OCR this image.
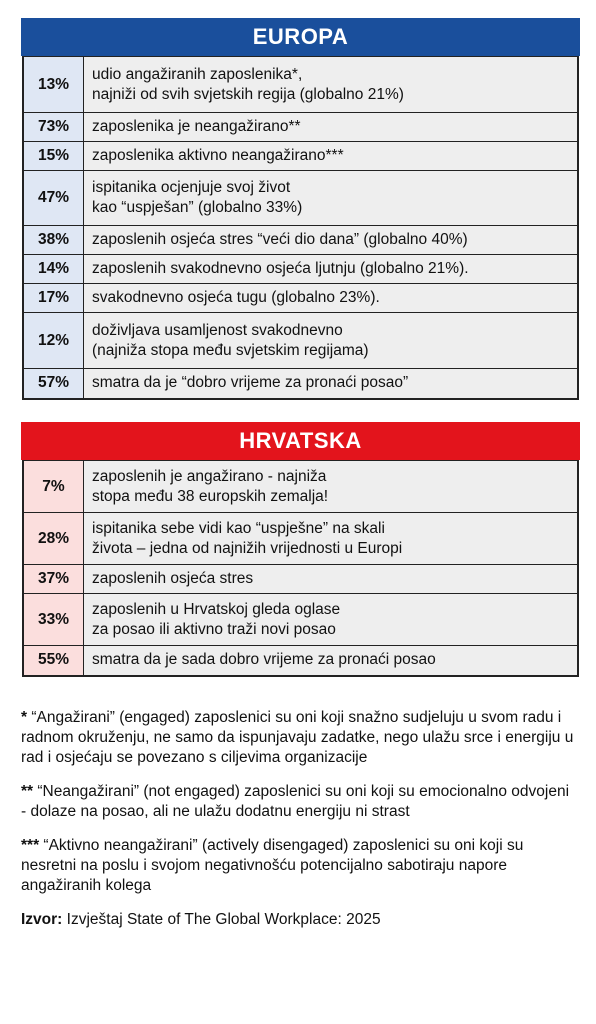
EUROPA
13%	udio angažiranih zaposlenika*,
najniži od svih svjetskih regija (globalno 21%)

73%	zaposlenika je neangažirano**

15%	zaposlenika aktivno neangažirano***

47%	ispitanika ocjenjuje svoj život
kao “uspješan” (globalno 33%)

38%	zaposlenih osjeća stres “veći dio dana” (globalno 40%)

14%	zaposlenih svakodnevno osjeća ljutnju (globalno 21%).

17%	svakodnevno osjeća tugu (globalno 23%).

12%	doživljava usamljenost svakodnevno
(najniža stopa među svjetskim regijama)

57%	smatra da je “dobro vrijeme za pronaći posao”
HRVATSKA
7%	zaposlenih je angažirano - najniža
stopa među 38 europskih zemalja!

28%	ispitanika sebe vidi kao “uspješne” na skali
života – jedna od najnižih vrijednosti u Europi

37%	zaposlenih osjeća stres

33%	zaposlenih u Hrvatskoj gleda oglase
za posao ili aktivno traži novi posao

55%	smatra da je sada dobro vrijeme za pronaći posao

* “Angažirani” (engaged) zaposlenici su oni koji snažno sudjeluju u svom radu i radnom okruženju, ne samo da ispunjavaju zadatke, nego ulažu srce i energiju u rad i osjećaju se povezano s ciljevima organizacije

** “Neangažirani” (not engaged) zaposlenici su oni koji su emocionalno odvojeni - dolaze na posao, ali ne ulažu dodatnu energiju ni strast

*** “Aktivno neangažirani” (actively disengaged) zaposlenici su oni koji su nesretni na poslu i svojom negativnošću potencijalno sabotiraju napore angažiranih kolega

Izvor: Izvještaj State of The Global Workplace: 2025
